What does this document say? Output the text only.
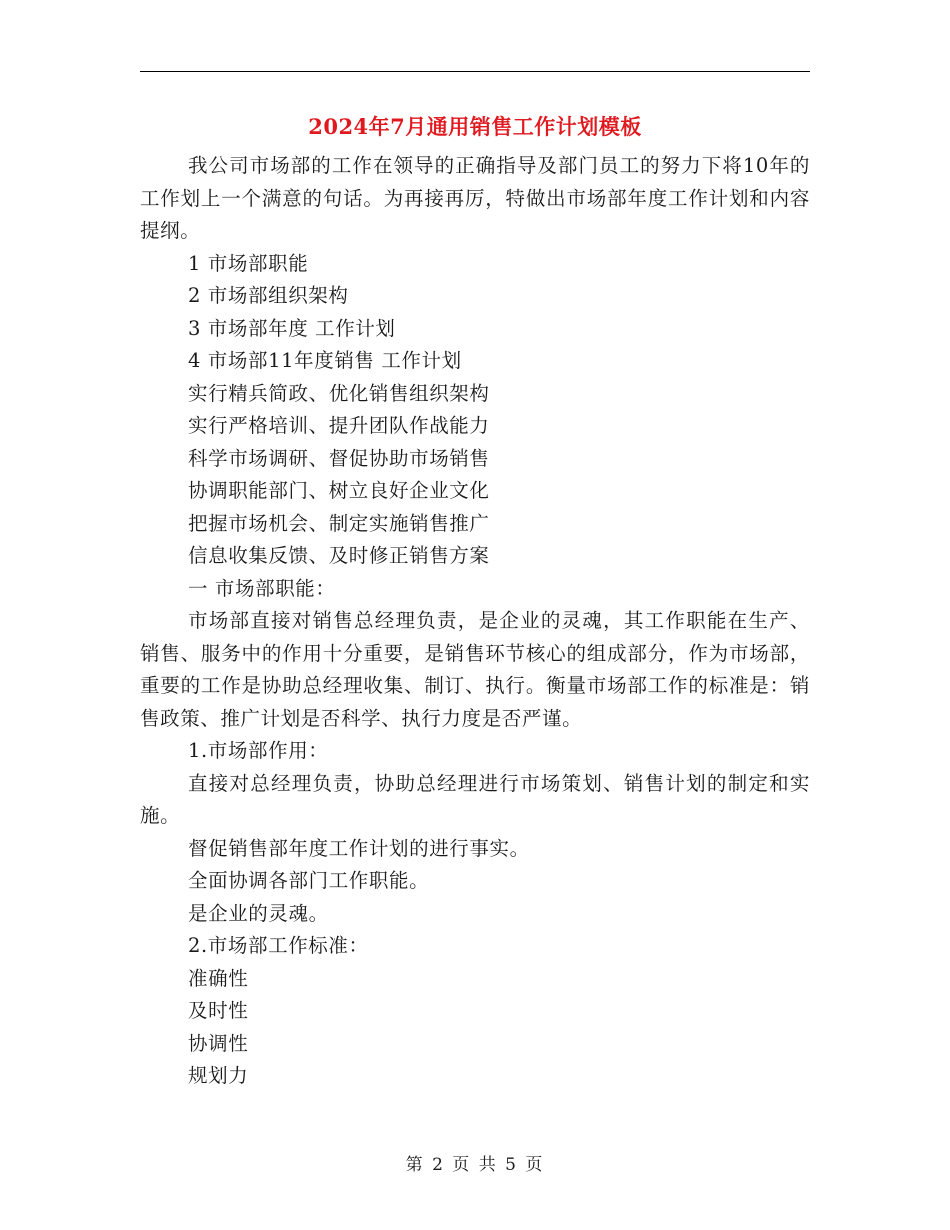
2024年7月通用销售工作计划模板

我公司市场部的工作在领导的正确指导及部门员工的努力下将10年的工作划上一个满意的句话。为再接再厉，特做出市场部年度工作计划和内容提纲。

1 市场部职能

2 市场部组织架构

3 市场部年度 工作计划

4 市场部11年度销售 工作计划

实行精兵简政、优化销售组织架构

实行严格培训、提升团队作战能力

科学市场调研、督促协助市场销售

协调职能部门、树立良好企业文化

把握市场机会、制定实施销售推广

信息收集反馈、及时修正销售方案

一 市场部职能：

市场部直接对销售总经理负责，是企业的灵魂，其工作职能在生产、销售、服务中的作用十分重要，是销售环节核心的组成部分，作为市场部，重要的工作是协助总经理收集、制订、执行。衡量市场部工作的标准是：销售政策、推广计划是否科学、执行力度是否严谨。

1.市场部作用：

直接对总经理负责，协助总经理进行市场策划、销售计划的制定和实施。

督促销售部年度工作计划的进行事实。

全面协调各部门工作职能。

是企业的灵魂。

2.市场部工作标准：

准确性

及时性

协调性

规划力

第 2 页 共 5 页
